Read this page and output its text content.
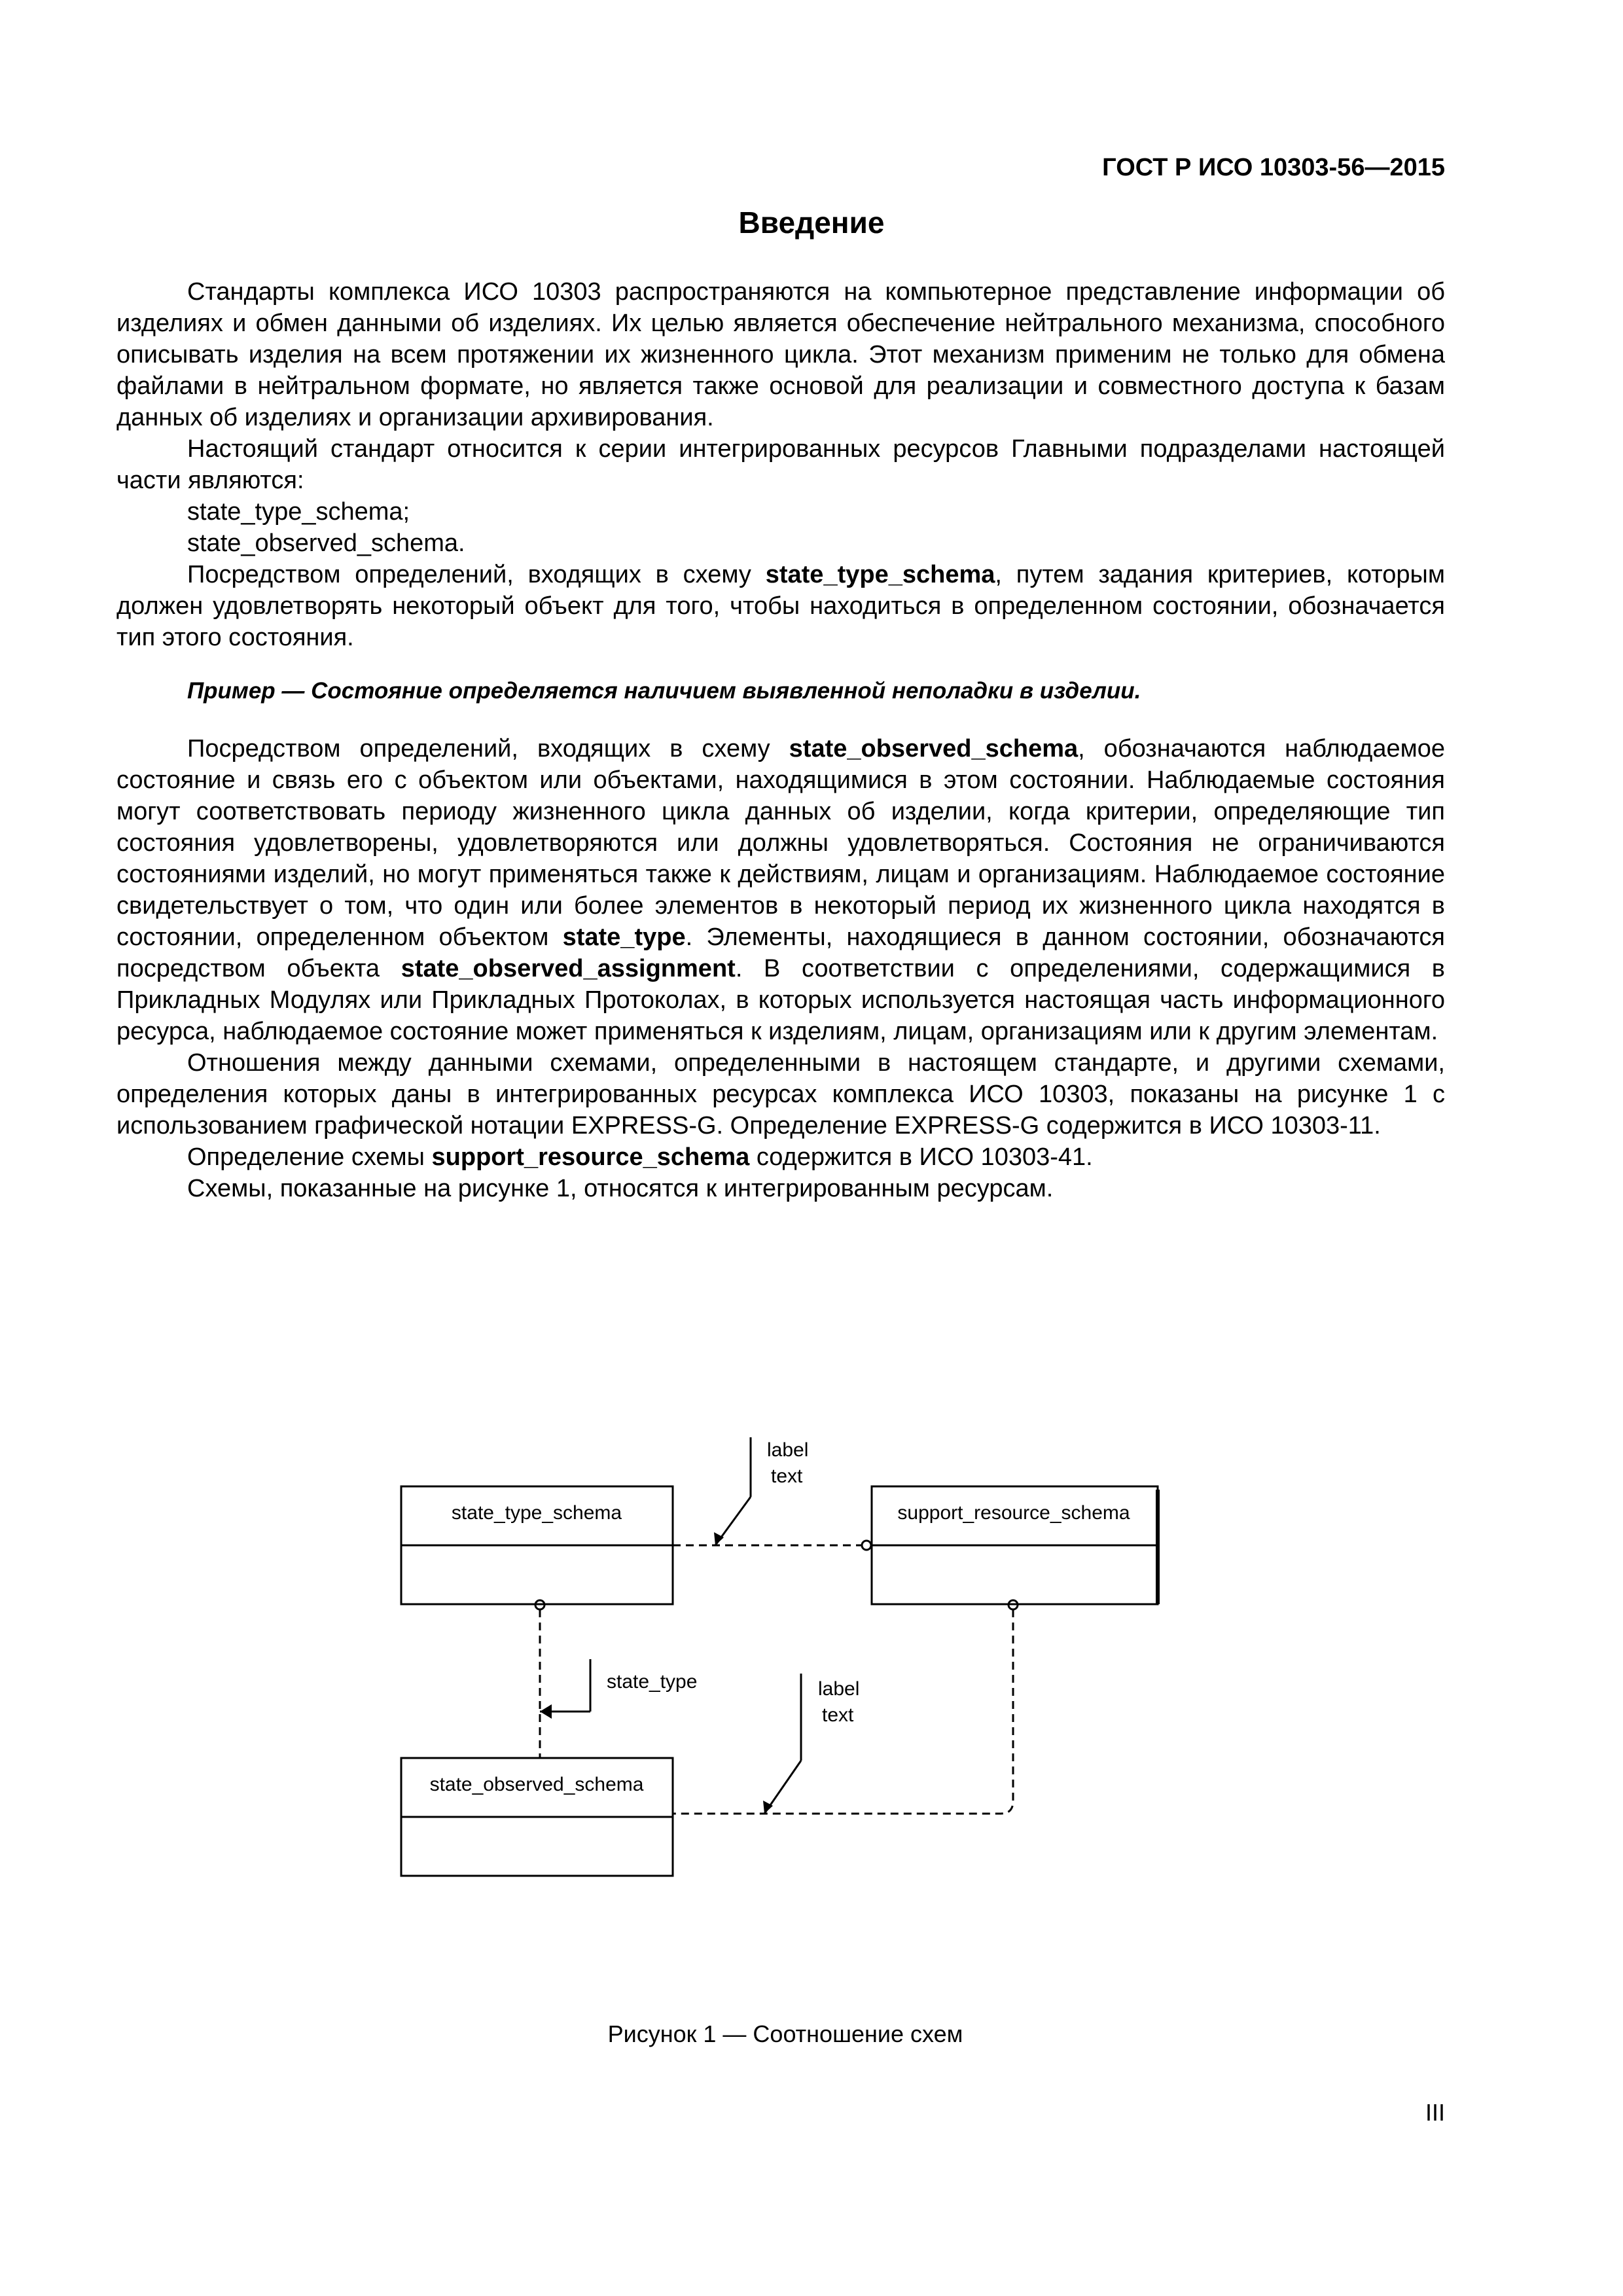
ГОСТ Р ИСО 10303-56—2015
Введение

Стандарты комплекса ИСО 10303 распространяются на компьютерное представление информации об изделиях и обмен данными об изделиях. Их целью является обеспечение нейтрального механизма, способного описывать изделия на всем протяжении их жизненного цикла. Этот механизм применим не только для обмена файлами в нейтральном формате, но является также основой для реализации и совместного доступа к базам данных об изделиях и организации архивирования.

Настоящий стандарт относится к серии интегрированных ресурсов Главными подразделами настоящей части являются:

state_type_schema;

state_observed_schema.

Посредством определений, входящих в схему state_type_schema, путем задания критериев, которым должен удовлетворять некоторый объект для того, чтобы находиться в определенном состоянии, обозначается тип этого состояния.

Пример — Состояние определяется наличием выявленной неполадки в изделии.

Посредством определений, входящих в схему state_observed_schema, обозначаются наблюдаемое состояние и связь его с объектом или объектами, находящимися в этом состоянии. Наблюдаемые состояния могут соответствовать периоду жизненного цикла данных об изделии, когда критерии, определяющие тип состояния удовлетворены, удовлетворяются или должны удовлетворяться. Состояния не ограничиваются состояниями изделий, но могут применяться также к действиям, лицам и организациям. Наблюдаемое состояние свидетельствует о том, что один или более элементов в некоторый период их жизненного цикла находятся в состоянии, определенном объектом state_type. Элементы, находящиеся в данном состоянии, обозначаются посредством объекта state_observed_assignment. В соответствии с определениями, содержащимися в Прикладных Модулях или Прикладных Протоколах, в которых используется настоящая часть информационного ресурса, наблюдаемое состояние может применяться к изделиям, лицам, организациям или к другим элементам.

Отношения между данными схемами, определенными в настоящем стандарте, и другими схемами, определения которых даны в интегрированных ресурсах комплекса ИСО 10303, показаны на рисунке 1 с использованием графической нотации EXPRESS-G. Определение EXPRESS-G содержится в ИСО 10303-11.

Определение схемы support_resource_schema содержится в ИСО 10303-41.

Схемы, показанные на рисунке 1, относятся к интегрированным ресурсам.

state_type_schema	support_resource_schema
state_observed_schema
label
text
state_type	label
text
Рисунок 1 — Соотношение схем
III
